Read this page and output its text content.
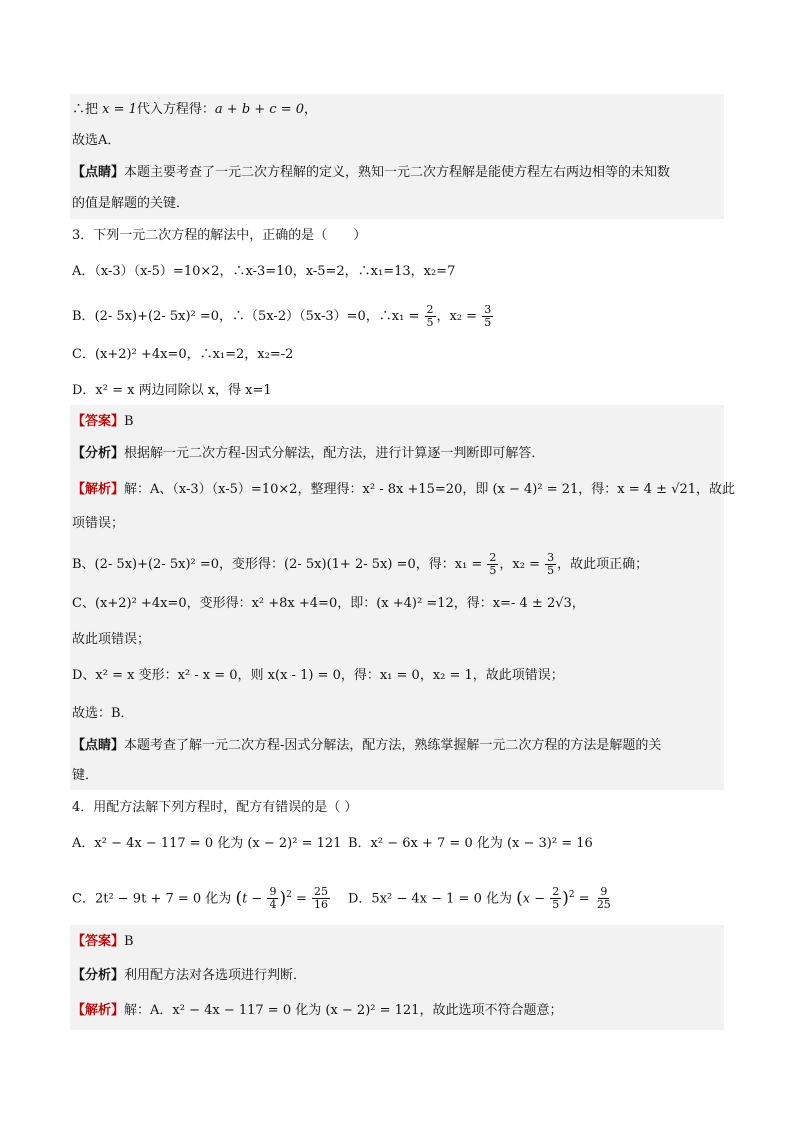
∴把 x = 1代入方程得：a + b + c = 0，
故选A．
【点睛】本题主要考查了一元二次方程解的定义，熟知一元二次方程解是能使方程左右两边相等的未知数
的值是解题的关键．
3．下列一元二次方程的解法中，正确的是（　　）
A．（x-3）（x-5）=10×2，∴x-3=10，x-5=2，∴x₁=13，x₂=7
B．(2- 5x)+(2- 5x)² =0，∴（5x-2）（5x-3）=0，∴x₁ = $\frac{2}{5}$ ，$x_2 = \frac{3}{5}$
C．(x+2)² +4x=0，∴x₁=2，x₂=-2
D．x² = x 两边同除以 x，得 x=1
【答案】B
【分析】根据解一元二次方程-因式分解法，配方法，进行计算逐一判断即可解答．
【解析】解：A、（x-3）（x-5）=10×2，整理得：x² - 8x +15=20，即 (x − 4)² = 21，得：x = 4 ± √21，故此
项错误；
B、(2- 5x)+(2- 5x)² =0，变形得：(2- 5x)(1+ 2- 5x) =0，得：$x_1 = \frac{2}{5}$ ，$x_2 = \frac{3}{5}$ ，故此项正确；
C、(x+2)² +4x=0，变形得：x² +8x +4=0，即：(x +4)² =12，得：x=- 4 ± 2√3，
故此项错误；
D、x² = x 变形：x² - x = 0，则 x(x - 1) = 0，得：x₁ = 0，x₂ = 1，故此项错误；
故选：B．
【点睛】本题考查了解一元二次方程-因式分解法，配方法，熟练掌握解一元二次方程的方法是解题的关
键．
4．用配方法解下列方程时，配方有错误的是（ ）
A．x² − 4x − 117 = 0 化为 (x − 2)² = 121 B．x² − 6x + 7 = 0 化为 (x − 3)² = 16
C．2t² − 9t + 7 = 0 化为 $(t - \frac{9}{4} )^2 = \frac{25}{16}$ D．5x² − 4x − 1 = 0 化为 $(x - \frac{2}{5} )^2 = \frac{9}{25}$
【答案】B
【分析】利用配方法对各选项进行判断．
【解析】解：A．x² − 4x − 117 = 0 化为 (x − 2)² = 121，故此选项不符合题意；
